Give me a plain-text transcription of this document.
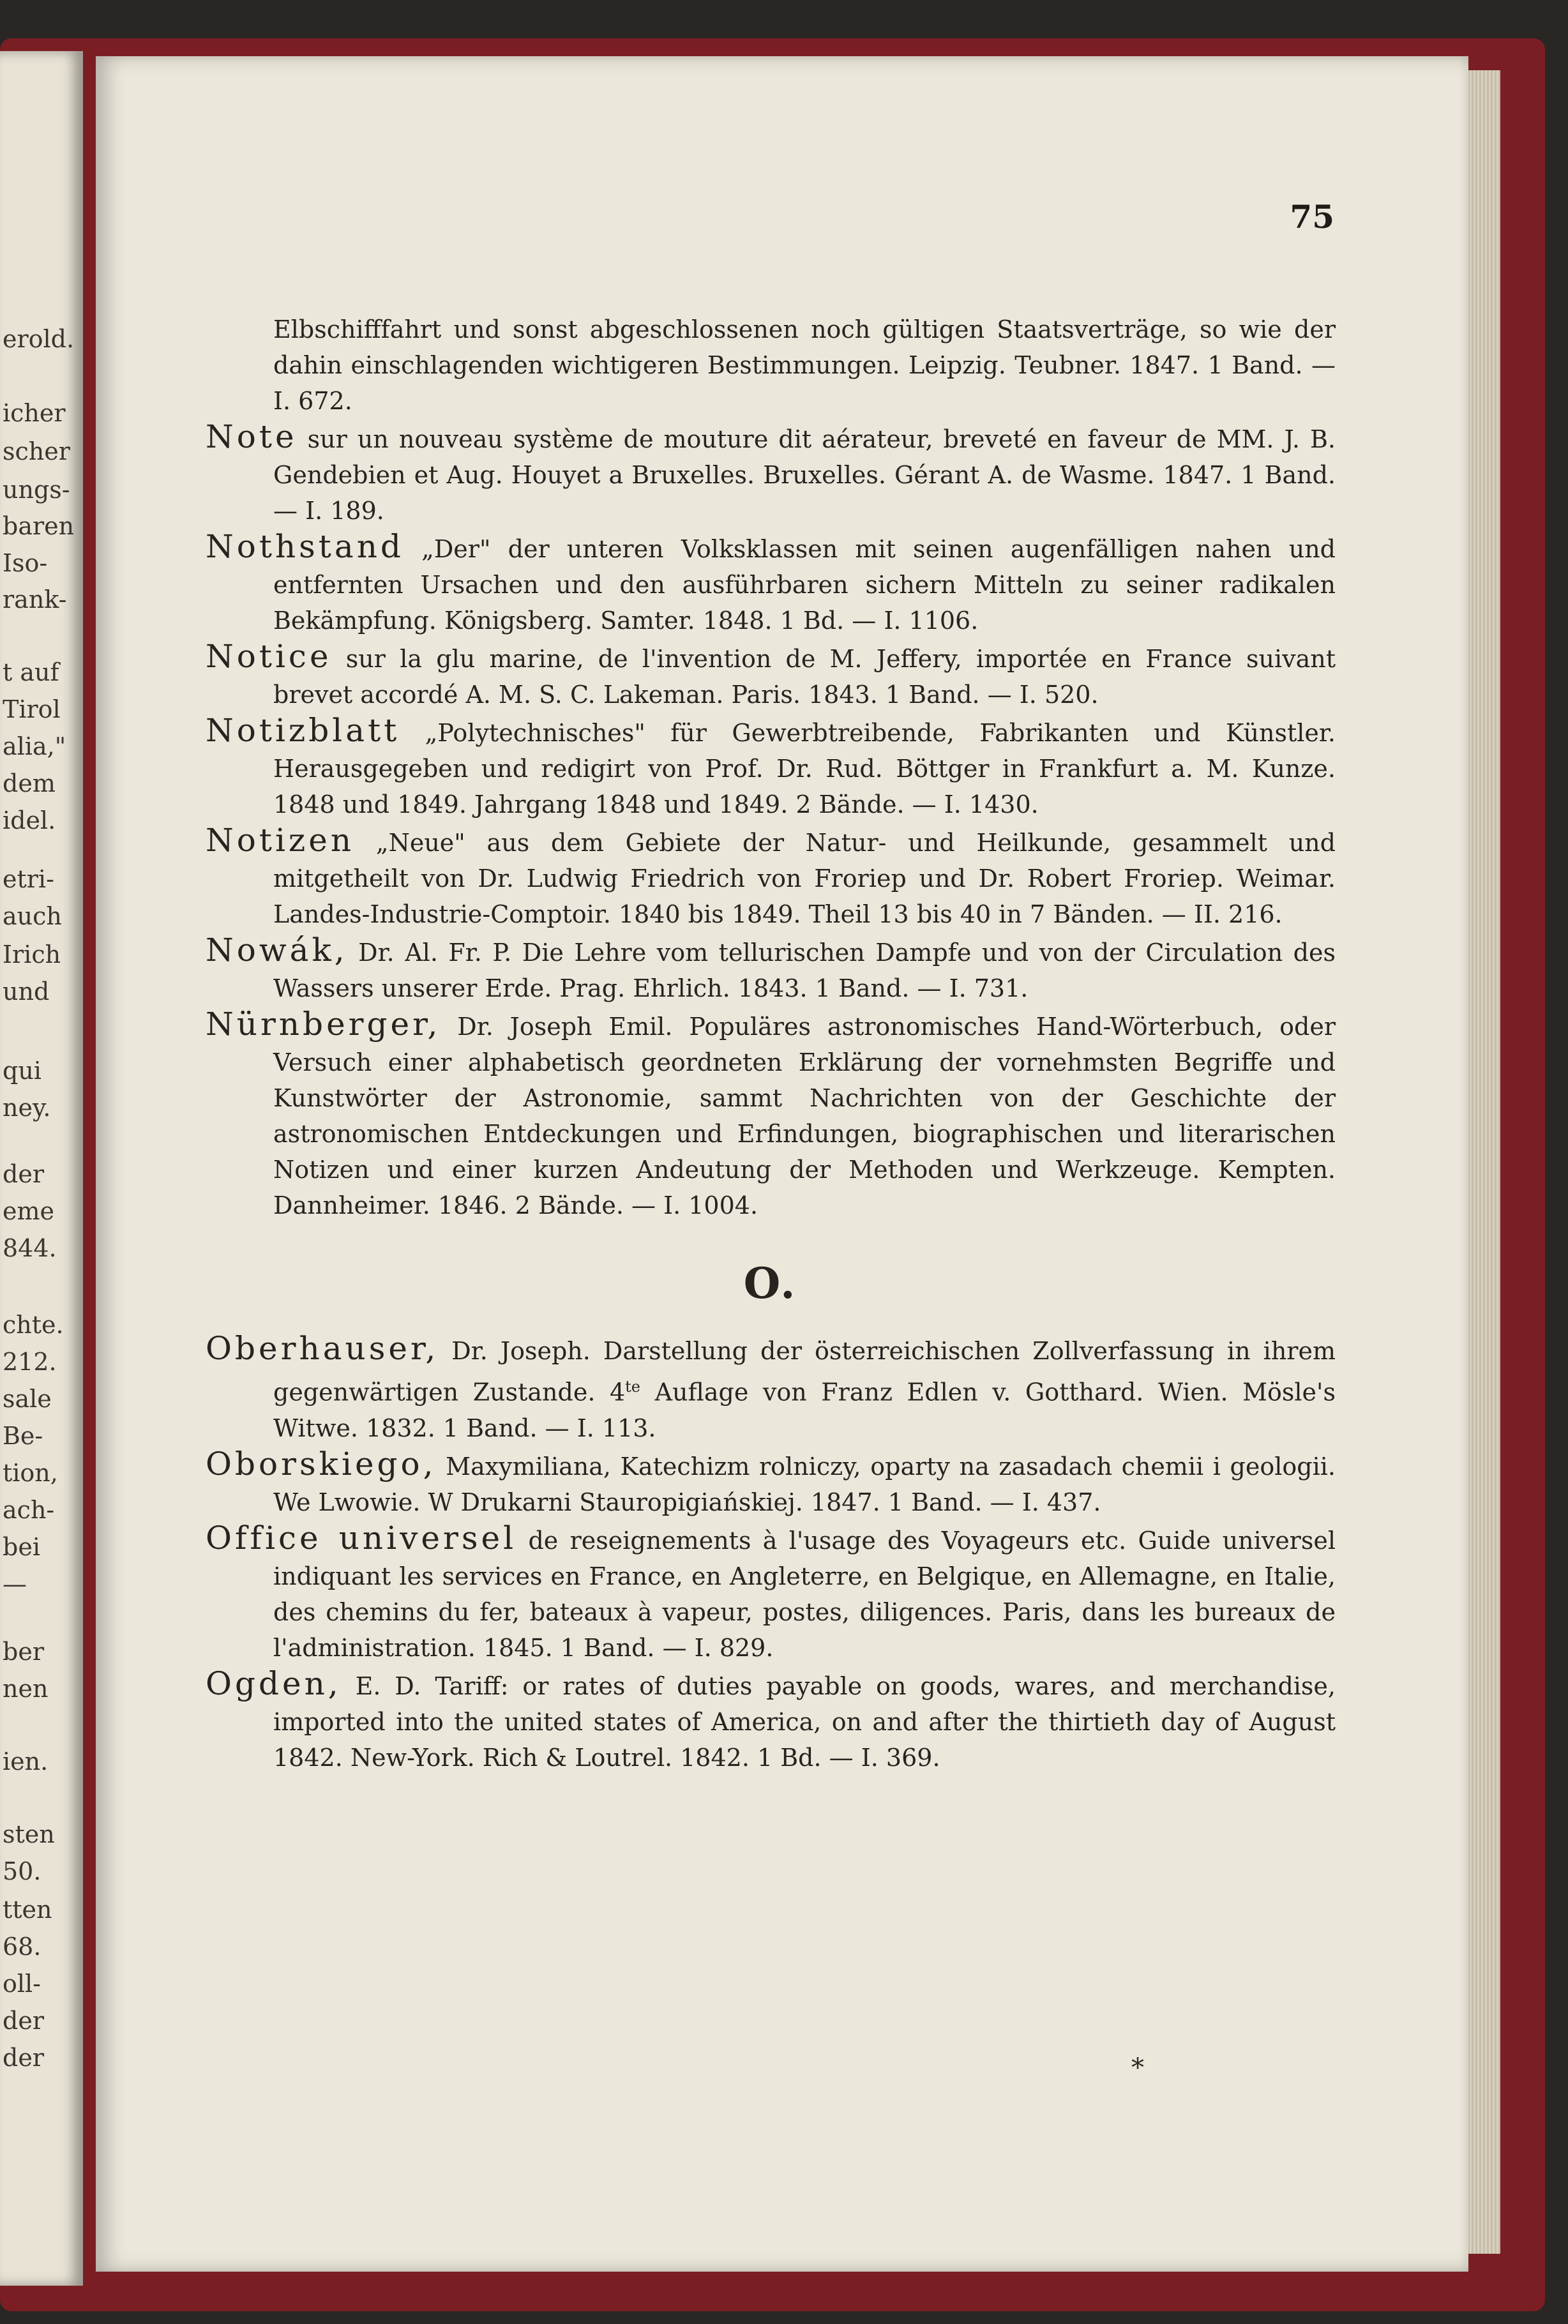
erold.
icher
scher
ungs-
baren
Iso-
rank-
t auf
Tirol
alia,"
dem
idel.
etri-
auch
Irich
und
qui
ney.
der
eme
844.
chte.
212.
sale
Be-
tion,
ach-
bei
—
ber
nen
ien.
sten
50.
tten
68.
oll-
der
der
75

Elbschifffahrt und sonst abgeschlossenen noch gültigen Staatsverträge, so wie der dahin einschlagenden wichtigeren Bestimmungen. Leipzig. Teubner. 1847. 1 Band. — I. 672.

Note sur un nouveau système de mouture dit aérateur, breveté en faveur de MM. J. B. Gendebien et Aug. Houyet a Bruxelles. Bruxelles. Gérant A. de Wasme. 1847. 1 Band. — I. 189.

Nothstand „Der" der unteren Volksklassen mit seinen augenfälligen nahen und entfernten Ursachen und den ausführbaren sichern Mitteln zu seiner radikalen Bekämpfung. Königsberg. Samter. 1848. 1 Bd. — I. 1106.

Notice sur la glu marine, de l'invention de M. Jeffery, importée en France suivant brevet accordé A. M. S. C. Lakeman. Paris. 1843. 1 Band. — I. 520.

Notizblatt „Polytechnisches" für Gewerbtreibende, Fabrikanten und Künstler. Herausgegeben und redigirt von Prof. Dr. Rud. Böttger in Frankfurt a. M. Kunze. 1848 und 1849. Jahrgang 1848 und 1849. 2 Bände. — I. 1430.

Notizen „Neue" aus dem Gebiete der Natur- und Heilkunde, gesammelt und mitgetheilt von Dr. Ludwig Friedrich von Froriep und Dr. Robert Froriep. Weimar. Landes-Industrie-Comptoir. 1840 bis 1849. Theil 13 bis 40 in 7 Bänden. — II. 216.

Nowák, Dr. Al. Fr. P. Die Lehre vom tellurischen Dampfe und von der Circulation des Wassers unserer Erde. Prag. Ehrlich. 1843. 1 Band. — I. 731.

Nürnberger, Dr. Joseph Emil. Populäres astronomisches Hand-Wörterbuch, oder Versuch einer alphabetisch geordneten Erklärung der vornehmsten Begriffe und Kunstwörter der Astronomie, sammt Nachrichten von der Geschichte der astronomischen Entdeckungen und Erfindungen, biographischen und literarischen Notizen und einer kurzen Andeutung der Methoden und Werkzeuge. Kempten. Dannheimer. 1846. 2 Bände. — I. 1004.

O.

Oberhauser, Dr. Joseph. Darstellung der österreichischen Zollverfassung in ihrem gegenwärtigen Zustande. $4^{te}$ Auflage von Franz Edlen v. Gotthard. Wien. Mösle's Witwe. 1832. 1 Band. — I. 113.

Oborskiego, Maxymiliana, Katechizm rolniczy, oparty na zasadach chemii i geologii. We Lwowie. W Drukarni Stauropigiańskiej. 1847. 1 Band. — I. 437.

Office universel de reseignements à l'usage des Voyageurs etc. Guide universel indiquant les services en France, en Angleterre, en Belgique, en Allemagne, en Italie, des chemins du fer, bateaux à vapeur, postes, diligences. Paris, dans les bureaux de l'administration. 1845. 1 Band. — I. 829.

Ogden, E. D. Tariff: or rates of duties payable on goods, wares, and merchandise, imported into the united states of America, on and after the thirtieth day of August 1842. New-York. Rich & Loutrel. 1842. 1 Bd. — I. 369.

*
